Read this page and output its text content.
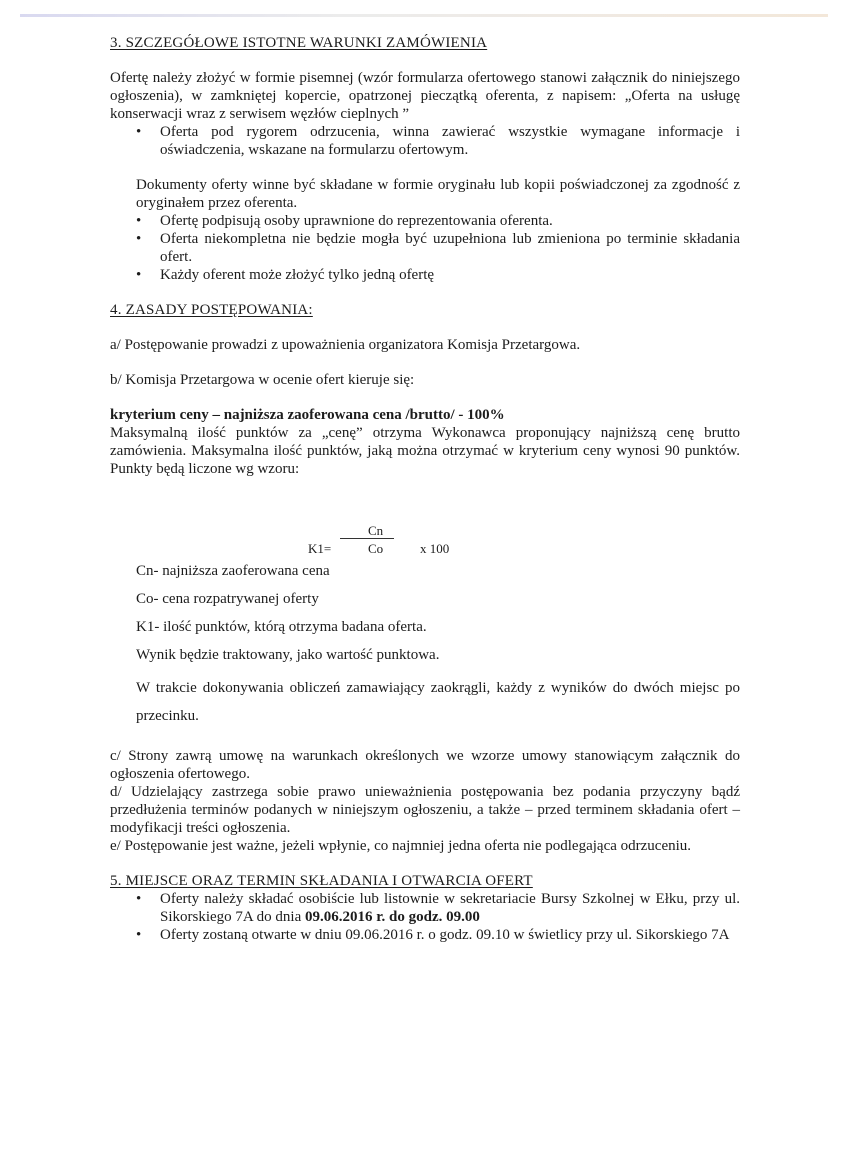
3. SZCZEGÓŁOWE ISTOTNE WARUNKI ZAMÓWIENIA

Ofertę należy złożyć w formie pisemnej (wzór formularza ofertowego stanowi załącznik do niniejszego ogłoszenia), w zamkniętej kopercie, opatrzonej pieczątką oferenta, z napisem: „Oferta na usługę konserwacji wraz z serwisem węzłów cieplnych ”

• Oferta pod rygorem odrzucenia, winna zawierać wszystkie wymagane informacje i oświadczenia, wskazane na formularzu ofertowym.

Dokumenty oferty winne być składane w formie oryginału lub kopii poświadczonej za zgodność z oryginałem przez oferenta.

• Ofertę podpisują osoby uprawnione do reprezentowania oferenta.
• Oferta niekompletna nie będzie mogła być uzupełniona lub zmieniona po terminie składania ofert.
• Każdy oferent może złożyć tylko jedną ofertę

4. ZASADY POSTĘPOWANIA:

a/ Postępowanie prowadzi z upoważnienia organizatora Komisja Przetargowa.

b/ Komisja Przetargowa w ocenie ofert kieruje się:

kryterium ceny – najniższa zaoferowana cena /brutto/ - 100%

Maksymalną ilość punktów za „cenę” otrzyma Wykonawca proponujący najniższą cenę brutto zamówienia. Maksymalna ilość punktów, jaką można otrzymać w kryterium ceny wynosi 90 punktów. Punkty będą liczone wg wzoru:

K1=
Cn
Co	x 100

Cn- najniższa zaoferowana cena

Co- cena rozpatrywanej oferty

K1- ilość punktów, którą otrzyma badana oferta.

Wynik będzie traktowany, jako wartość punktowa.

W trakcie dokonywania obliczeń zamawiający zaokrągli, każdy z wyników do dwóch miejsc po przecinku.

c/ Strony zawrą umowę na warunkach określonych we wzorze umowy stanowiącym załącznik do ogłoszenia ofertowego.

d/ Udzielający zastrzega sobie prawo unieważnienia postępowania bez podania przyczyny bądź przedłużenia terminów podanych w niniejszym ogłoszeniu, a także – przed terminem składania ofert – modyfikacji treści ogłoszenia.

e/ Postępowanie jest ważne, jeżeli wpłynie, co najmniej jedna oferta nie podlegająca odrzuceniu.

5. MIEJSCE ORAZ TERMIN SKŁADANIA I OTWARCIA OFERT

• Oferty należy składać osobiście lub listownie w sekretariacie Bursy Szkolnej w Ełku, przy ul. Sikorskiego 7A do dnia 09.06.2016 r. do godz. 09.00
• Oferty zostaną otwarte w dniu 09.06.2016 r. o godz. 09.10 w świetlicy przy ul. Sikorskiego 7A
